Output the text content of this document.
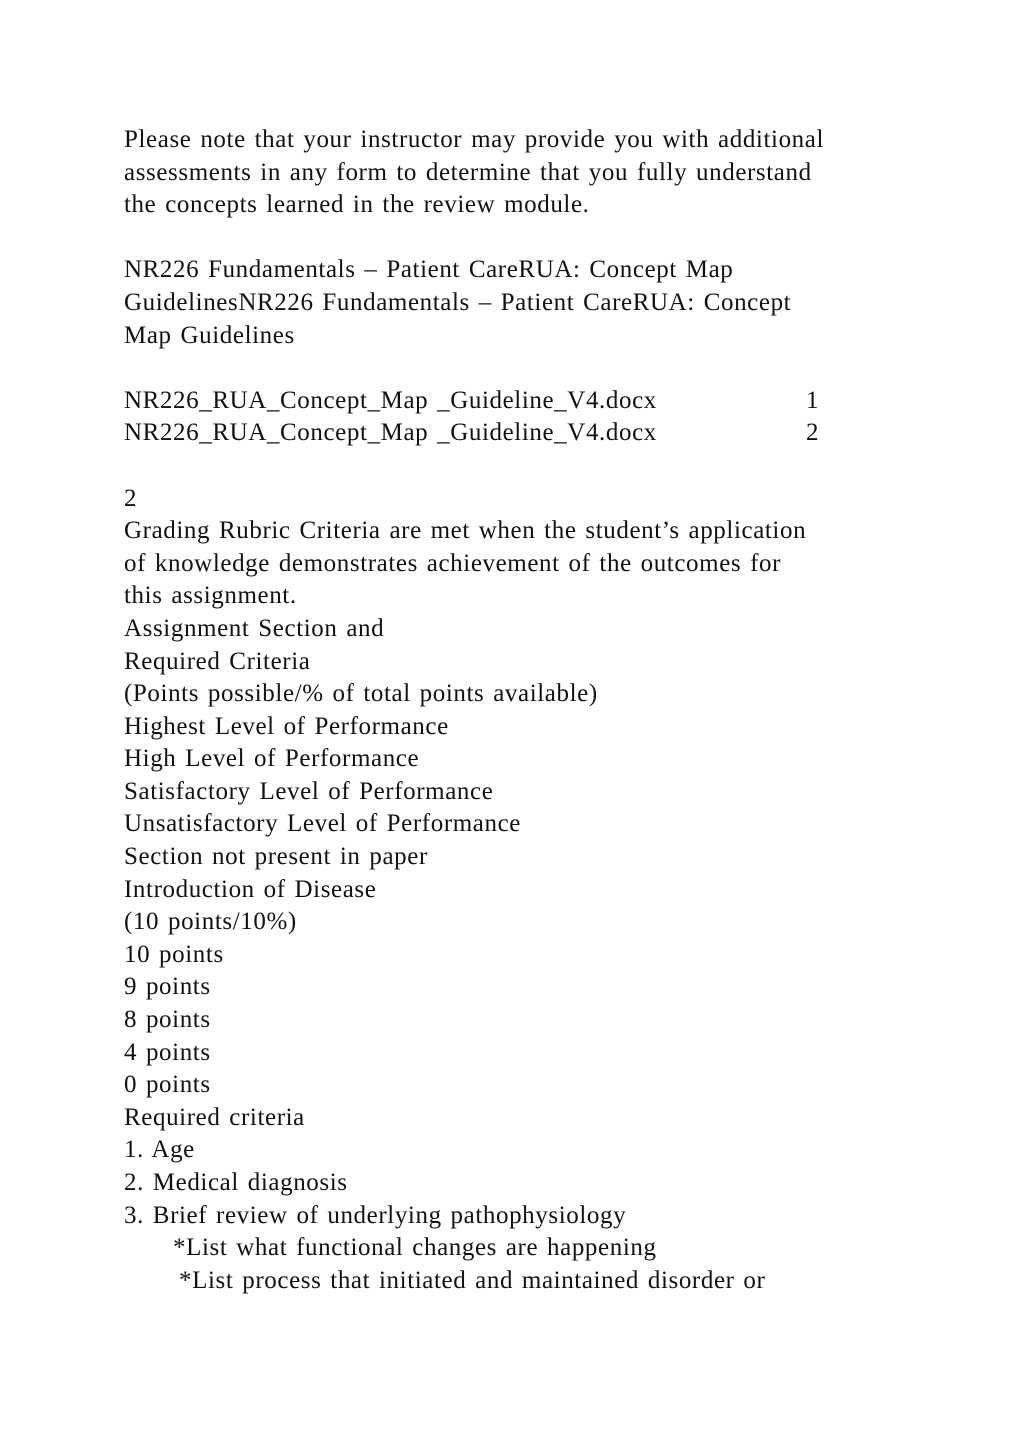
Please note that your instructor may provide you with additional
assessments in any form to determine that you fully understand
the concepts learned in the review module.
NR226 Fundamentals – Patient CareRUA: Concept Map
GuidelinesNR226 Fundamentals – Patient CareRUA: Concept
Map Guidelines
NR226_RUA_Concept_Map _Guideline_V4.docx	1
NR226_RUA_Concept_Map _Guideline_V4.docx	2
2
Grading Rubric Criteria are met when the student’s application
of knowledge demonstrates achievement of the outcomes for
this assignment.
Assignment Section and
Required Criteria
(Points possible/% of total points available)
Highest Level of Performance
High Level of Performance
Satisfactory Level of Performance
Unsatisfactory Level of Performance
Section not present in paper
Introduction of Disease
(10 points/10%)
10 points
9 points
8 points
4 points
0 points
Required criteria
1. Age
2. Medical diagnosis
3. Brief review of underlying pathophysiology
*List what functional changes are happening
*List process that initiated and maintained disorder or
